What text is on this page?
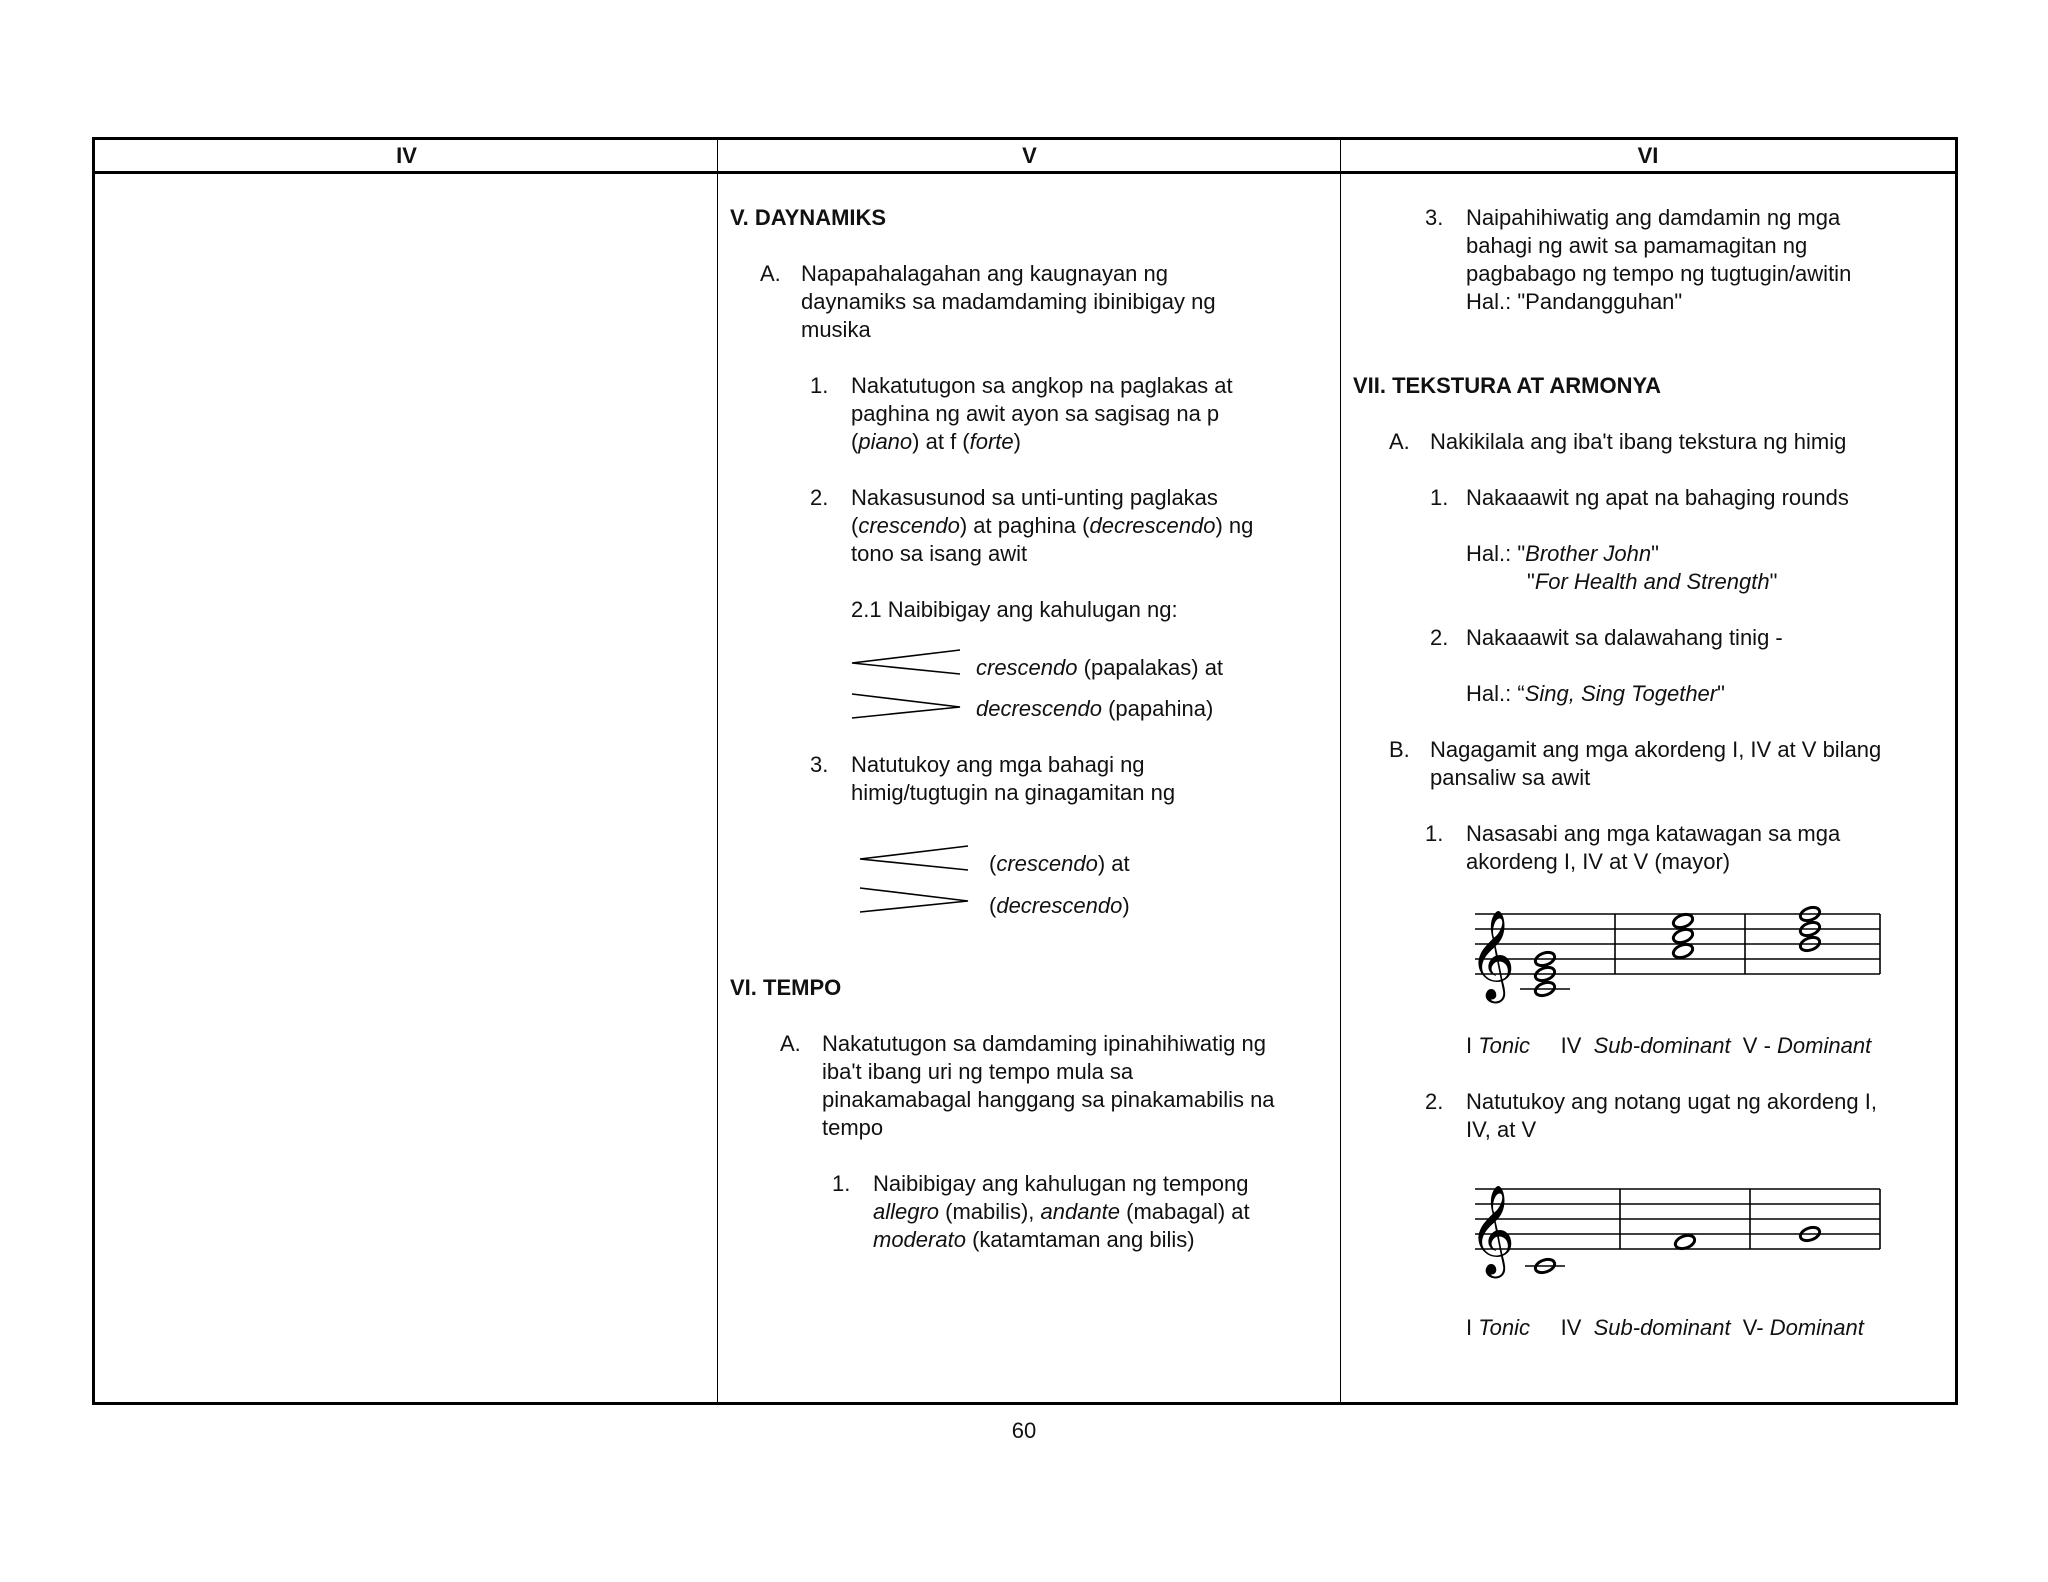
IV	V	VI
V. DAYNAMIKS
A. Napapahalagahan ang kaugnayan ng
daynamiks sa madamdaming ibinibigay ng
musika
1. Nakatutugon sa angkop na paglakas at
paghina ng awit ayon sa sagisag na p
(piano) at f (forte)
2. Nakasusunod sa unti-unting paglakas
(crescendo) at paghina (decrescendo) ng
tono sa isang awit
2.1 Naibibigay ang kahulugan ng:
crescendo (papalakas) at
decrescendo (papahina)
3. Natutukoy ang mga bahagi ng
himig/tugtugin na ginagamitan ng
(crescendo) at
(decrescendo)
VI. TEMPO
A. Nakatutugon sa damdaming ipinahihiwatig ng
iba't ibang uri ng tempo mula sa
pinakamabagal hanggang sa pinakamabilis na
tempo
1. Naibibigay ang kahulugan ng tempong
allegro (mabilis), andante (mabagal) at
moderato (katamtaman ang bilis)
3. Naipahihiwatig ang damdamin ng mga
bahagi ng awit sa pamamagitan ng
pagbabago ng tempo ng tugtugin/awitin
Hal.: "Pandangguhan"
VII. TEKSTURA AT ARMONYA
A. Nakikilala ang iba't ibang tekstura ng himig
1. Nakaaawit ng apat na bahaging rounds
Hal.: "Brother John"
"For Health and Strength"
2. Nakaaawit sa dalawahang tinig -
Hal.: “Sing, Sing Together"
B. Nagagamit ang mga akordeng I, IV at V bilang
pansaliw sa awit
1. Nasasabi ang mga katawagan sa mga
akordeng I, IV at V (mayor)
𝄞
I Tonic     IV  Sub-dominant  V - Dominant
2. Natutukoy ang notang ugat ng akordeng I,
IV, at V
𝄞
I Tonic     IV  Sub-dominant  V- Dominant
60
